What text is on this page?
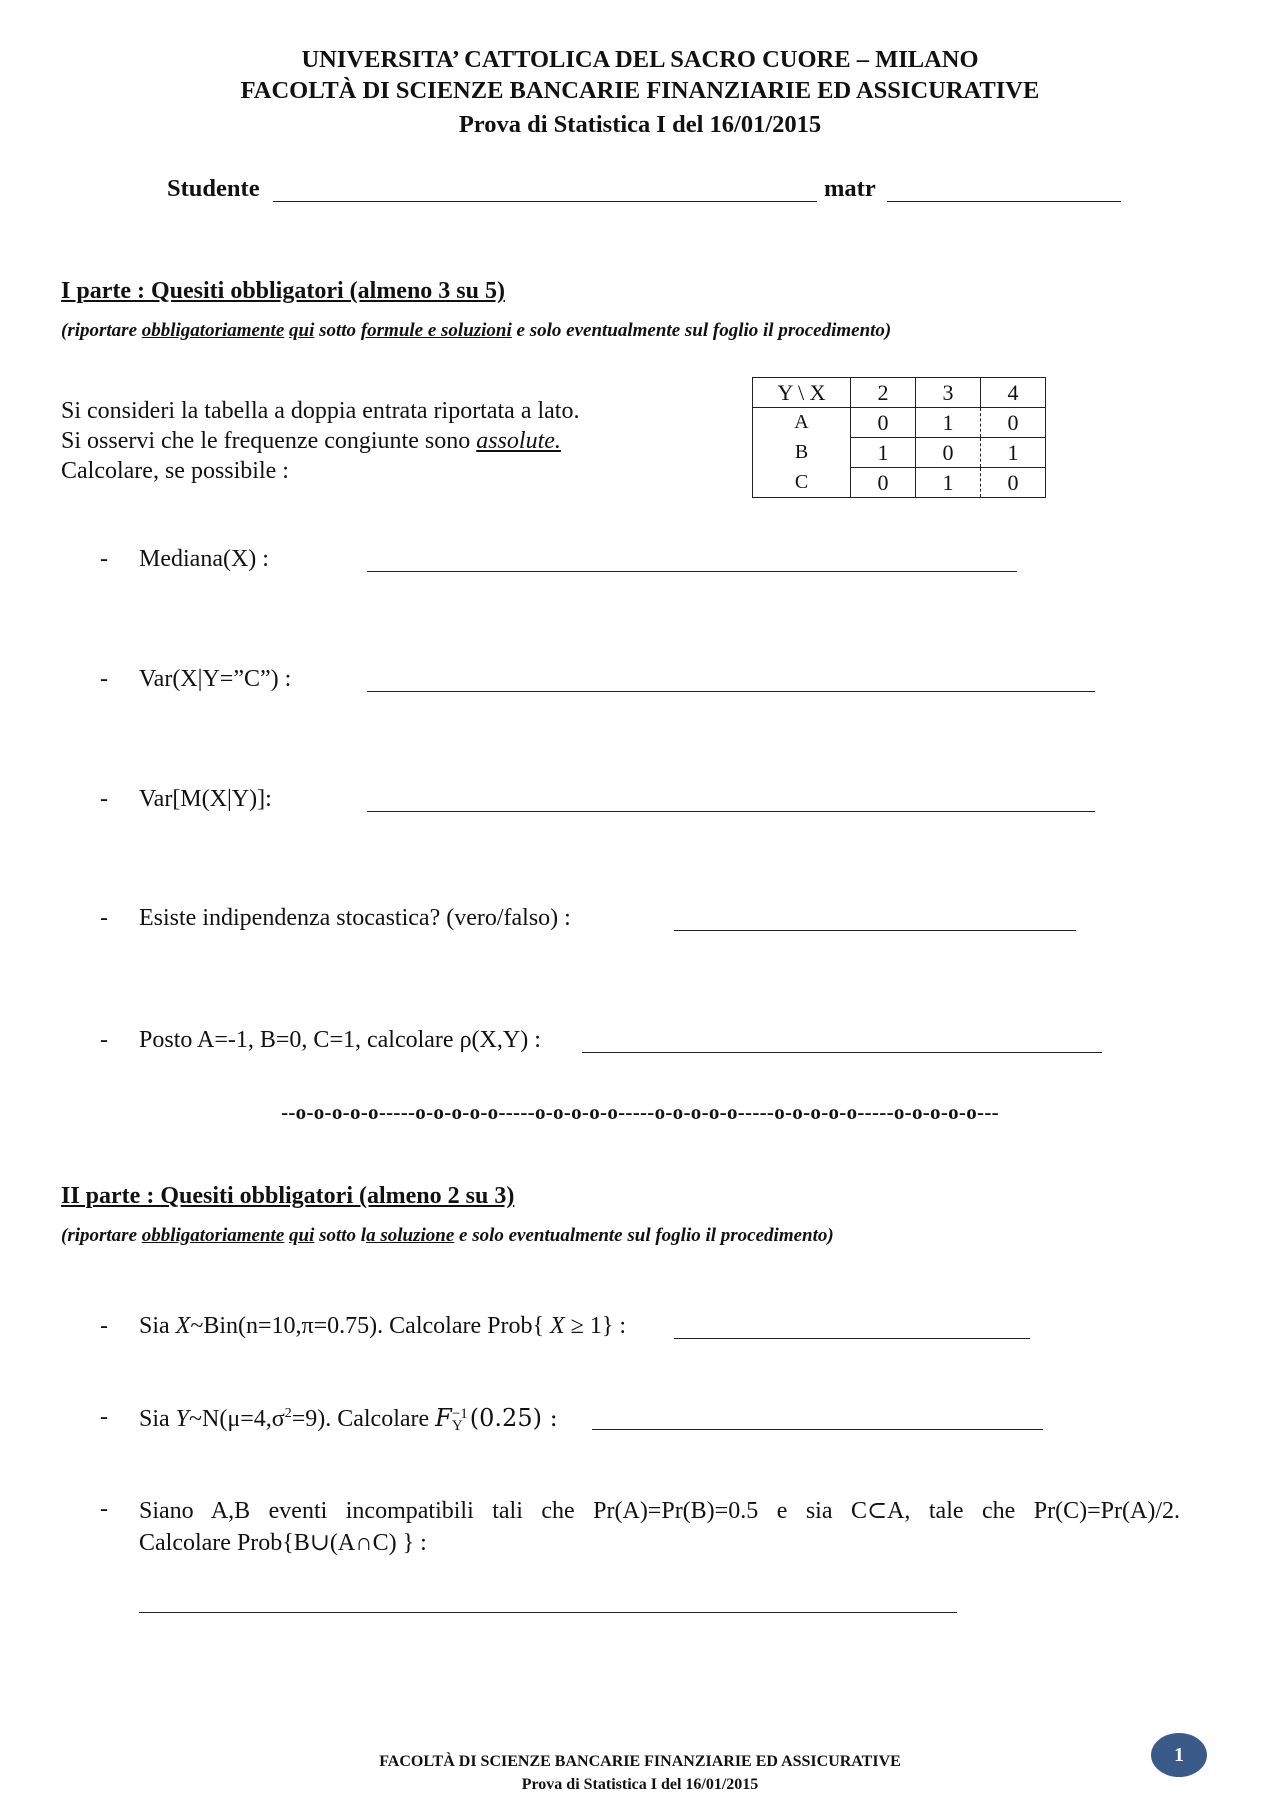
UNIVERSITA’ CATTOLICA DEL SACRO CUORE – MILANO
FACOLTÀ DI SCIENZE BANCARIE FINANZIARIE ED ASSICURATIVE
Prova di Statistica I del 16/01/2015
Studente	matr
I parte : Quesiti obbligatori (almeno 3 su 5)
(riportare obbligatoriamente qui sotto formule e soluzioni e solo eventualmente sul foglio il procedimento)
Si consideri la tabella a doppia entrata riportata a lato.
Si osservi che le frequenze congiunte sono assolute.
Calcolare, se possibile :
Y \ X	2	3	4
A	0	1	0
B	1	0	1
C	0	1	0
- Mediana(X) :
- Var(X|Y=”C”) :
- Var[M(X|Y)]:
- Esiste indipendenza stocastica? (vero/falso) :
- Posto A=-1, B=0, C=1, calcolare ρ(X,Y) :
--o-o-o-o-o-----o-o-o-o-o-----o-o-o-o-o-----o-o-o-o-o-----o-o-o-o-o-----o-o-o-o-o---
II parte : Quesiti obbligatori (almeno 2 su 3)
(riportare obbligatoriamente qui sotto la soluzione e solo eventualmente sul foglio il procedimento)
- Sia X~Bin(n=10,π=0.75). Calcolare Prob{ X ≥ 1} :
- Sia $Y\sim N(\mu=4,\sigma^2=9)$. Calcolare F −1
Y (0.25) :
- Siano A,B eventi incompatibili tali che Pr(A)=Pr(B)=0.5 e sia C⊂A, tale che Pr(C)=Pr(A)/2.
Calcolare Prob{B∪(A∩C) } :
FACOLTÀ DI SCIENZE BANCARIE FINANZIARIE ED ASSICURATIVE
Prova di Statistica I del 16/01/2015
1
